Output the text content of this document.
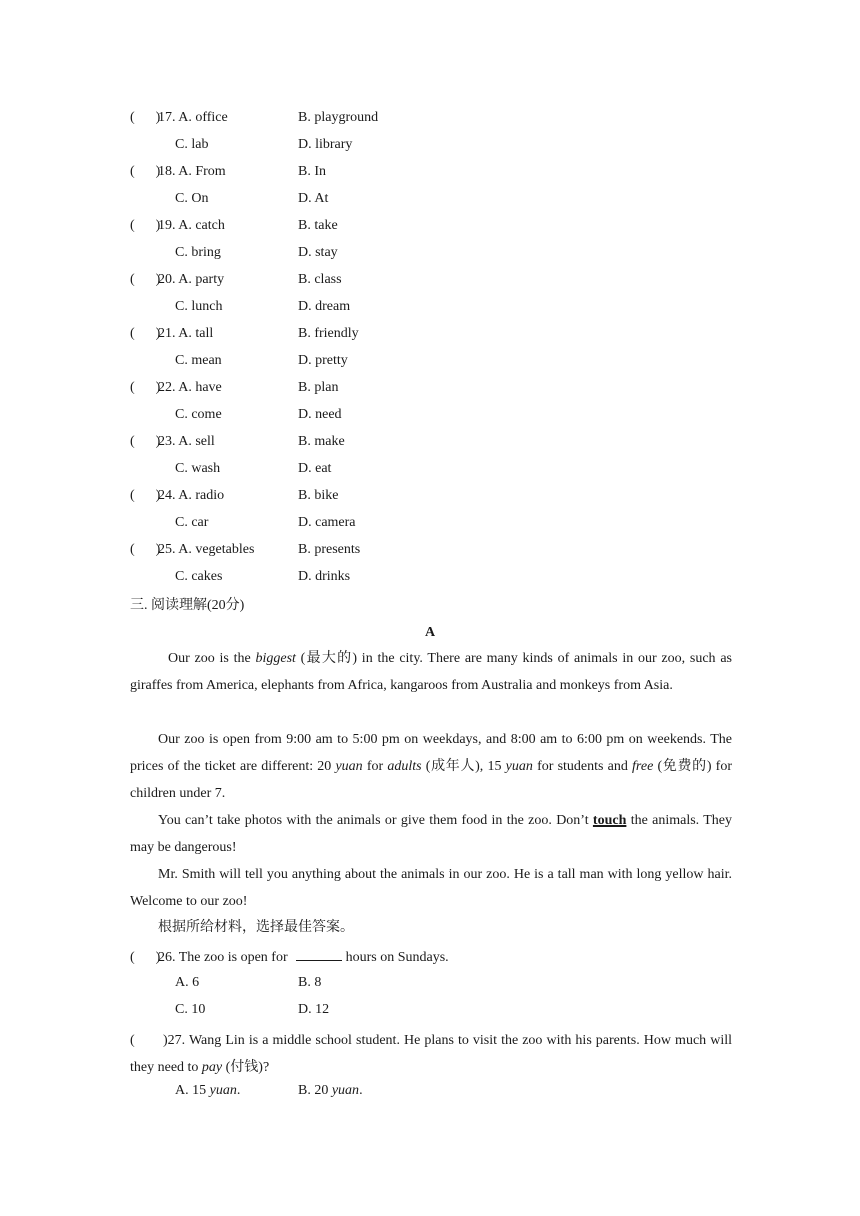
(      )
17. A. office	B. playground
C. lab	D. library
(      )
18. A. From	B. In
C. On	D. At
(      )
19. A. catch	B. take
C. bring	D. stay
(      )
20. A. party	B. class
C. lunch	D. dream
(      )
21. A. tall	B. friendly
C. mean	D. pretty
(      )
22. A. have	B. plan
C. come	D. need
(      )
23. A. sell	B. make
C. wash	D. eat
(      )
24. A. radio	B. bike
C. car	D. camera
(      )
25. A. vegetables	B. presents
C. cakes	D. drinks
三. 阅读理解(20分)
A
Our zoo is the biggest (最大的) in the city. There are many kinds of animals in our zoo, such as giraffes from America, elephants from Africa, kangaroos from Australia and monkeys from Asia.
Our zoo is open from 9:00 am to 5:00 pm on weekdays, and 8:00 am to 6:00 pm on weekends. The prices of the ticket are different: 20 yuan for adults (成年人), 15 yuan for students and free (免费的) for children under 7.
You can’t take photos with the animals or give them food in the zoo. Don’t touch the animals. They may be dangerous!
Mr. Smith will tell you anything about the animals in our zoo. He is a tall man with long yellow hair. Welcome to our zoo!
根据所给材料，选择最佳答案。
(      )26. The zoo is open for	hours on Sundays.
A. 6	B. 8
C. 10	D. 12
(       )27. Wang Lin is a middle school student. He plans to visit the zoo with his parents. How much will they need to pay (付钱)?
A. 15 yuan.	B. 20 yuan.
